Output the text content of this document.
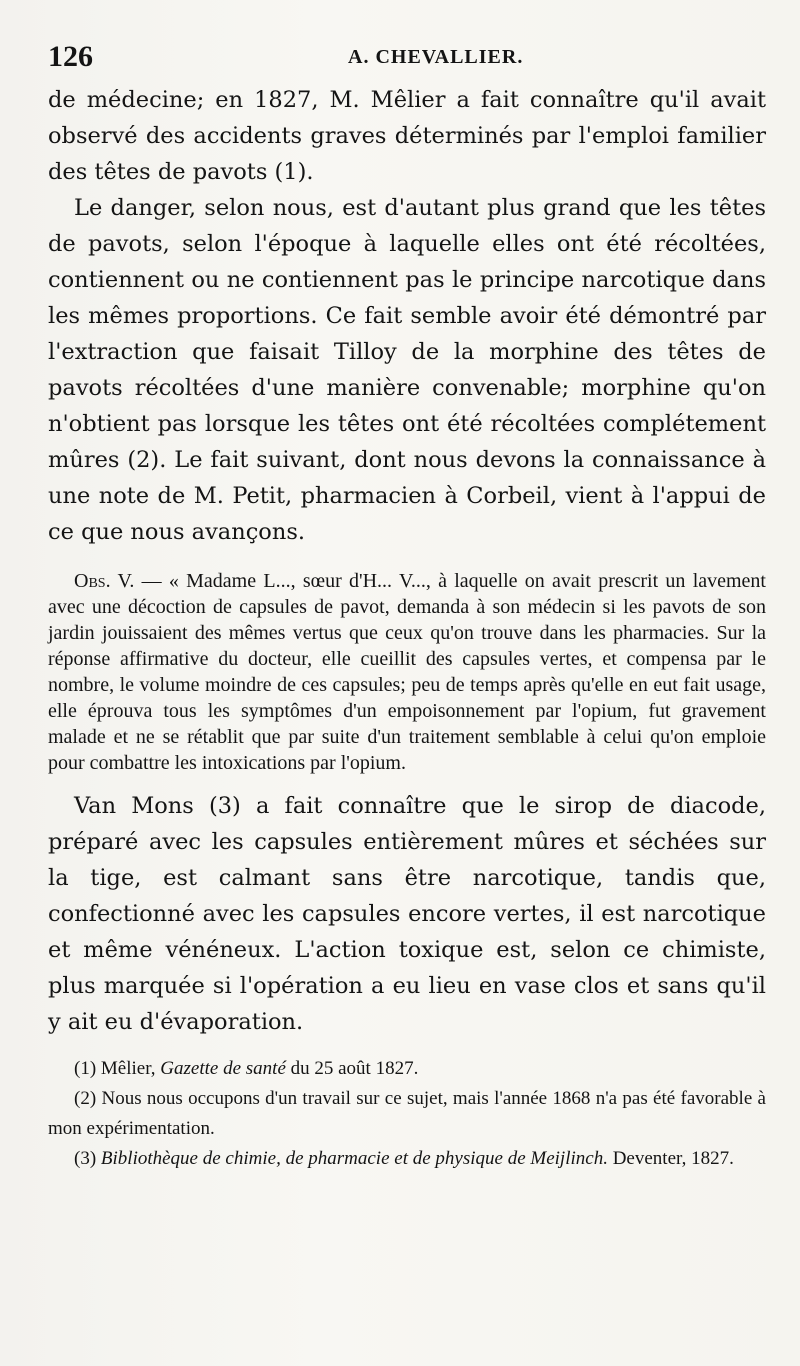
126	A. CHEVALLIER.

de médecine; en 1827, M. Mêlier a fait connaître qu'il avait observé des accidents graves déterminés par l'emploi familier des têtes de pavots (1).

Le danger, selon nous, est d'autant plus grand que les têtes de pavots, selon l'époque à laquelle elles ont été récoltées, contiennent ou ne contiennent pas le principe narcotique dans les mêmes proportions. Ce fait semble avoir été démontré par l'extraction que faisait Tilloy de la morphine des têtes de pavots récoltées d'une manière convenable; morphine qu'on n'obtient pas lorsque les têtes ont été récoltées complétement mûres (2). Le fait suivant, dont nous devons la connaissance à une note de M. Petit, pharmacien à Corbeil, vient à l'appui de ce que nous avançons.

Obs. V. — « Madame L..., sœur d'H... V..., à laquelle on avait prescrit un lavement avec une décoction de capsules de pavot, demanda à son médecin si les pavots de son jardin jouissaient des mêmes vertus que ceux qu'on trouve dans les pharmacies. Sur la réponse affirmative du docteur, elle cueillit des capsules vertes, et compensa par le nombre, le volume moindre de ces capsules; peu de temps après qu'elle en eut fait usage, elle éprouva tous les symptômes d'un empoisonnement par l'opium, fut gravement malade et ne se rétablit que par suite d'un traitement semblable à celui qu'on emploie pour combattre les intoxications par l'opium.

Van Mons (3) a fait connaître que le sirop de diacode, préparé avec les capsules entièrement mûres et séchées sur la tige, est calmant sans être narcotique, tandis que, confectionné avec les capsules encore vertes, il est narcotique et même vénéneux. L'action toxique est, selon ce chimiste, plus marquée si l'opération a eu lieu en vase clos et sans qu'il y ait eu d'évaporation.

(1) Mêlier, Gazette de santé du 25 août 1827.

(2) Nous nous occupons d'un travail sur ce sujet, mais l'année 1868 n'a pas été favorable à mon expérimentation.

(3) Bibliothèque de chimie, de pharmacie et de physique de Meijlinch. Deventer, 1827.
